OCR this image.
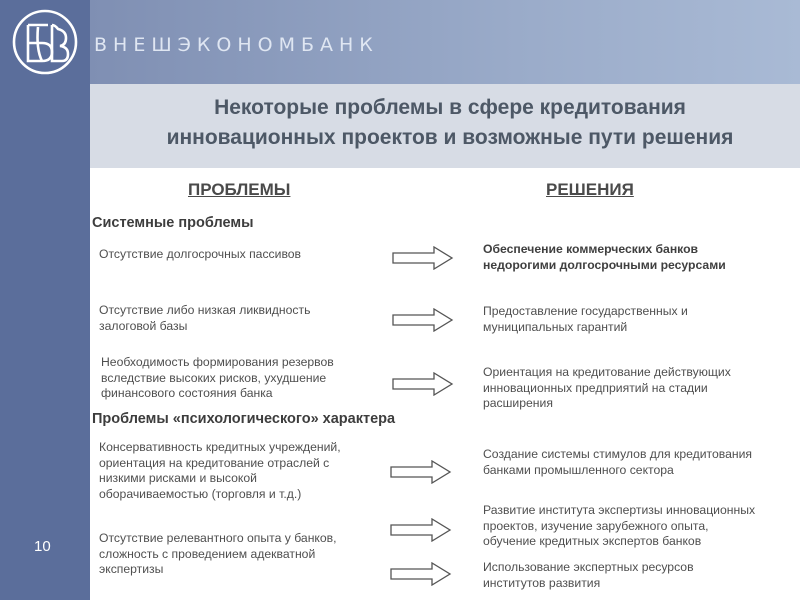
ВНЕШЭКОНОМБАНК
Некоторые проблемы в сфере кредитования
инновационных проектов и возможные пути решения
ПРОБЛЕМЫ	РЕШЕНИЯ
Системные проблемы
Отсутствие долгосрочных пассивов	Обеспечение коммерческих банков
недорогими долгосрочными ресурсами
Отсутствие либо низкая ликвидность
залоговой базы
Предоставление государственных и
муниципальных гарантий
Необходимость формирования резервов
вследствие высоких рисков, ухудшение
финансового состояния банка
Ориентация на кредитование действующих
инновационных предприятий на стадии
расширения
Проблемы «психологического» характера
Консервативность кредитных учреждений,
ориентация на кредитование отраслей с
низкими рисками и высокой
оборачиваемостью (торговля и т.д.)
Создание системы стимулов для кредитования
банками промышленного сектора
Отсутствие релевантного опыта у банков,
сложность с проведением адекватной
экспертизы
Развитие института экспертизы инновационных
проектов, изучение зарубежного опыта,
обучение кредитных экспертов банков
Использование экспертных ресурсов
институтов развития
10
